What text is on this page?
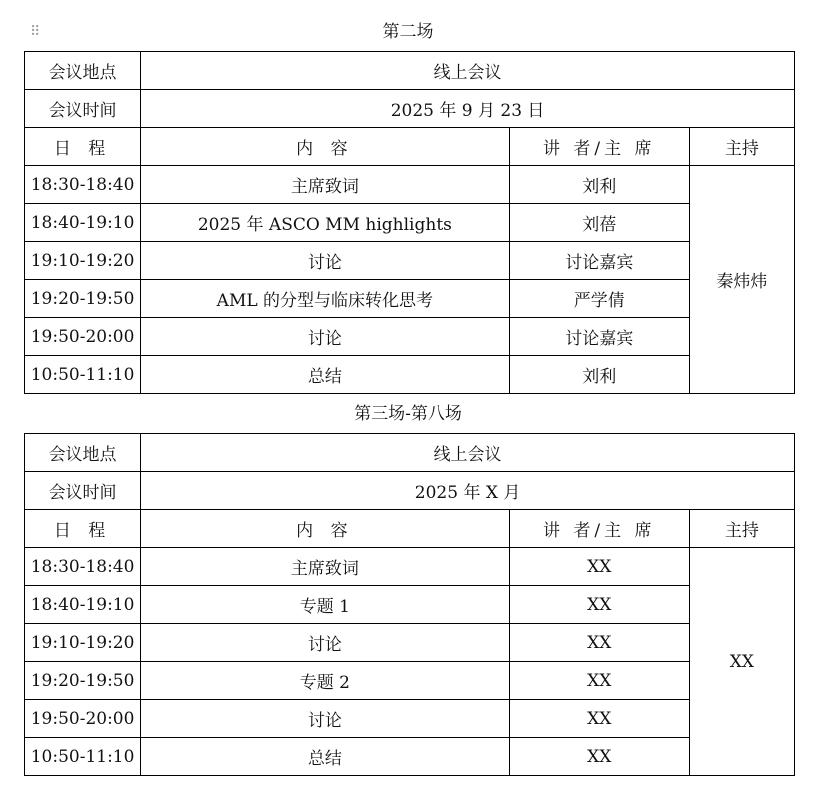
⠿	第二场
会议地点	线上会议		
会议时间	2025 年 9 月 23 日		
日 程	内 容	讲 者/主 席	主持
18:30-18:40	主席致词	刘利	秦炜炜
18:40-19:10	2025 年 ASCO MM highlights	刘蓓	
19:10-19:20	讨论	讨论嘉宾	
19:20-19:50	AML 的分型与临床转化思考	严学倩	
19:50-20:00	讨论	讨论嘉宾	
10:50-11:10	总结	刘利	
第三场-第八场
会议地点	线上会议		
会议时间	2025 年 X 月		
日 程	内 容	讲 者/主 席	主持
18:30-18:40	主席致词	XX	XX
18:40-19:10	专题 1	XX	
19:10-19:20	讨论	XX	
19:20-19:50	专题 2	XX	
19:50-20:00	讨论	XX	
10:50-11:10	总结	XX	
